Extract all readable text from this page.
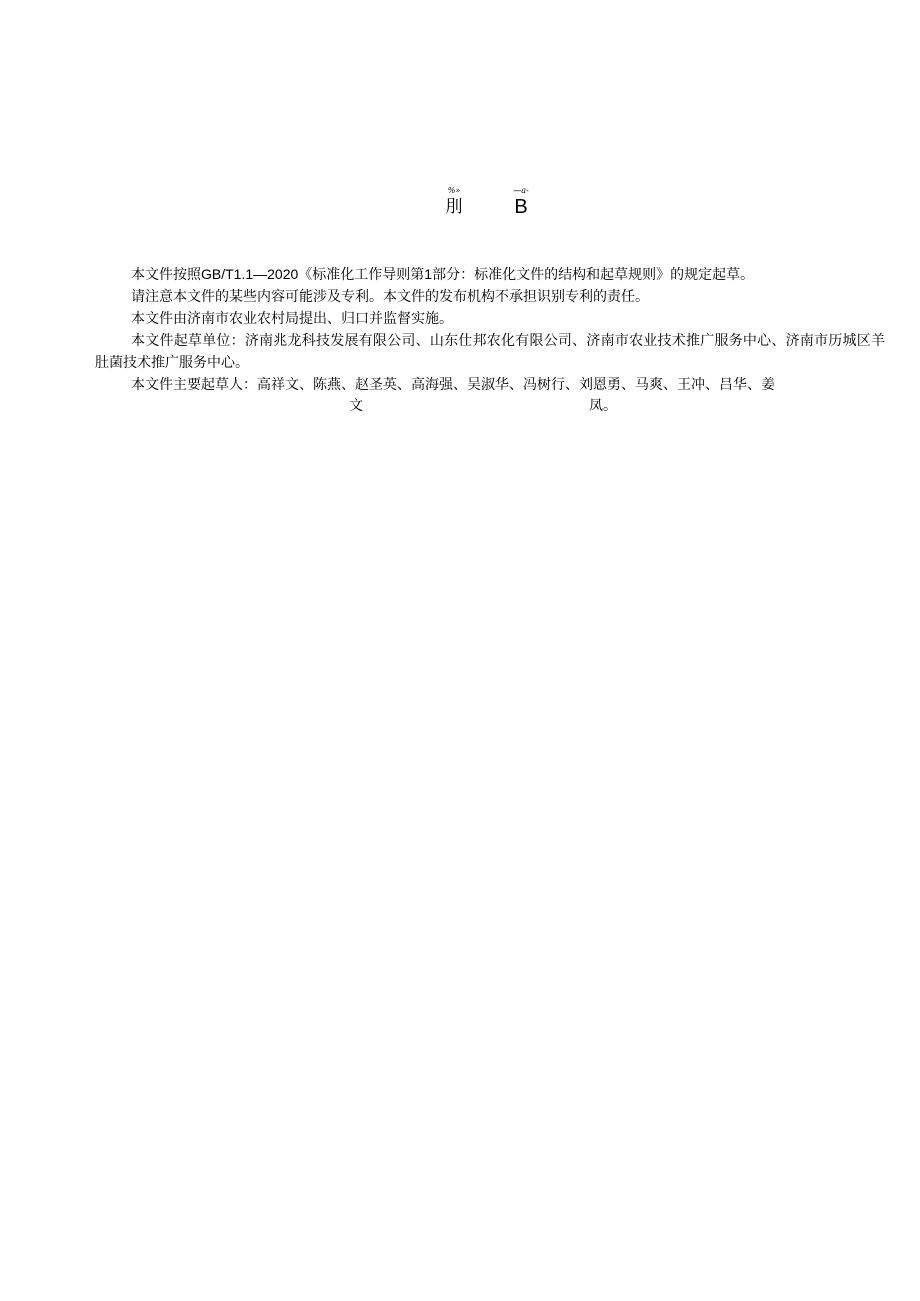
%»
刖
—a-
B

本文件按照GB/T1.1—2020《标准化工作导则第1部分：标准化文件的结构和起草规则》的规定起草。

请注意本文件的某些内容可能涉及专利。本文件的发布机构不承担识别专利的责任。

本文件由济南市农业农村局提出、归口并监督实施。

本文件起草单位：济南兆龙科技发展有限公司、山东仕邦农化有限公司、济南市农业技术推广服务中心、济南市历城区羊肚菌技术推广服务中心。

本文件主要起草人：高祥文、陈燕、赵圣英、高海强、吴淑华、冯树行、刘恩勇、马爽、王冲、吕华、姜

文	凤。
